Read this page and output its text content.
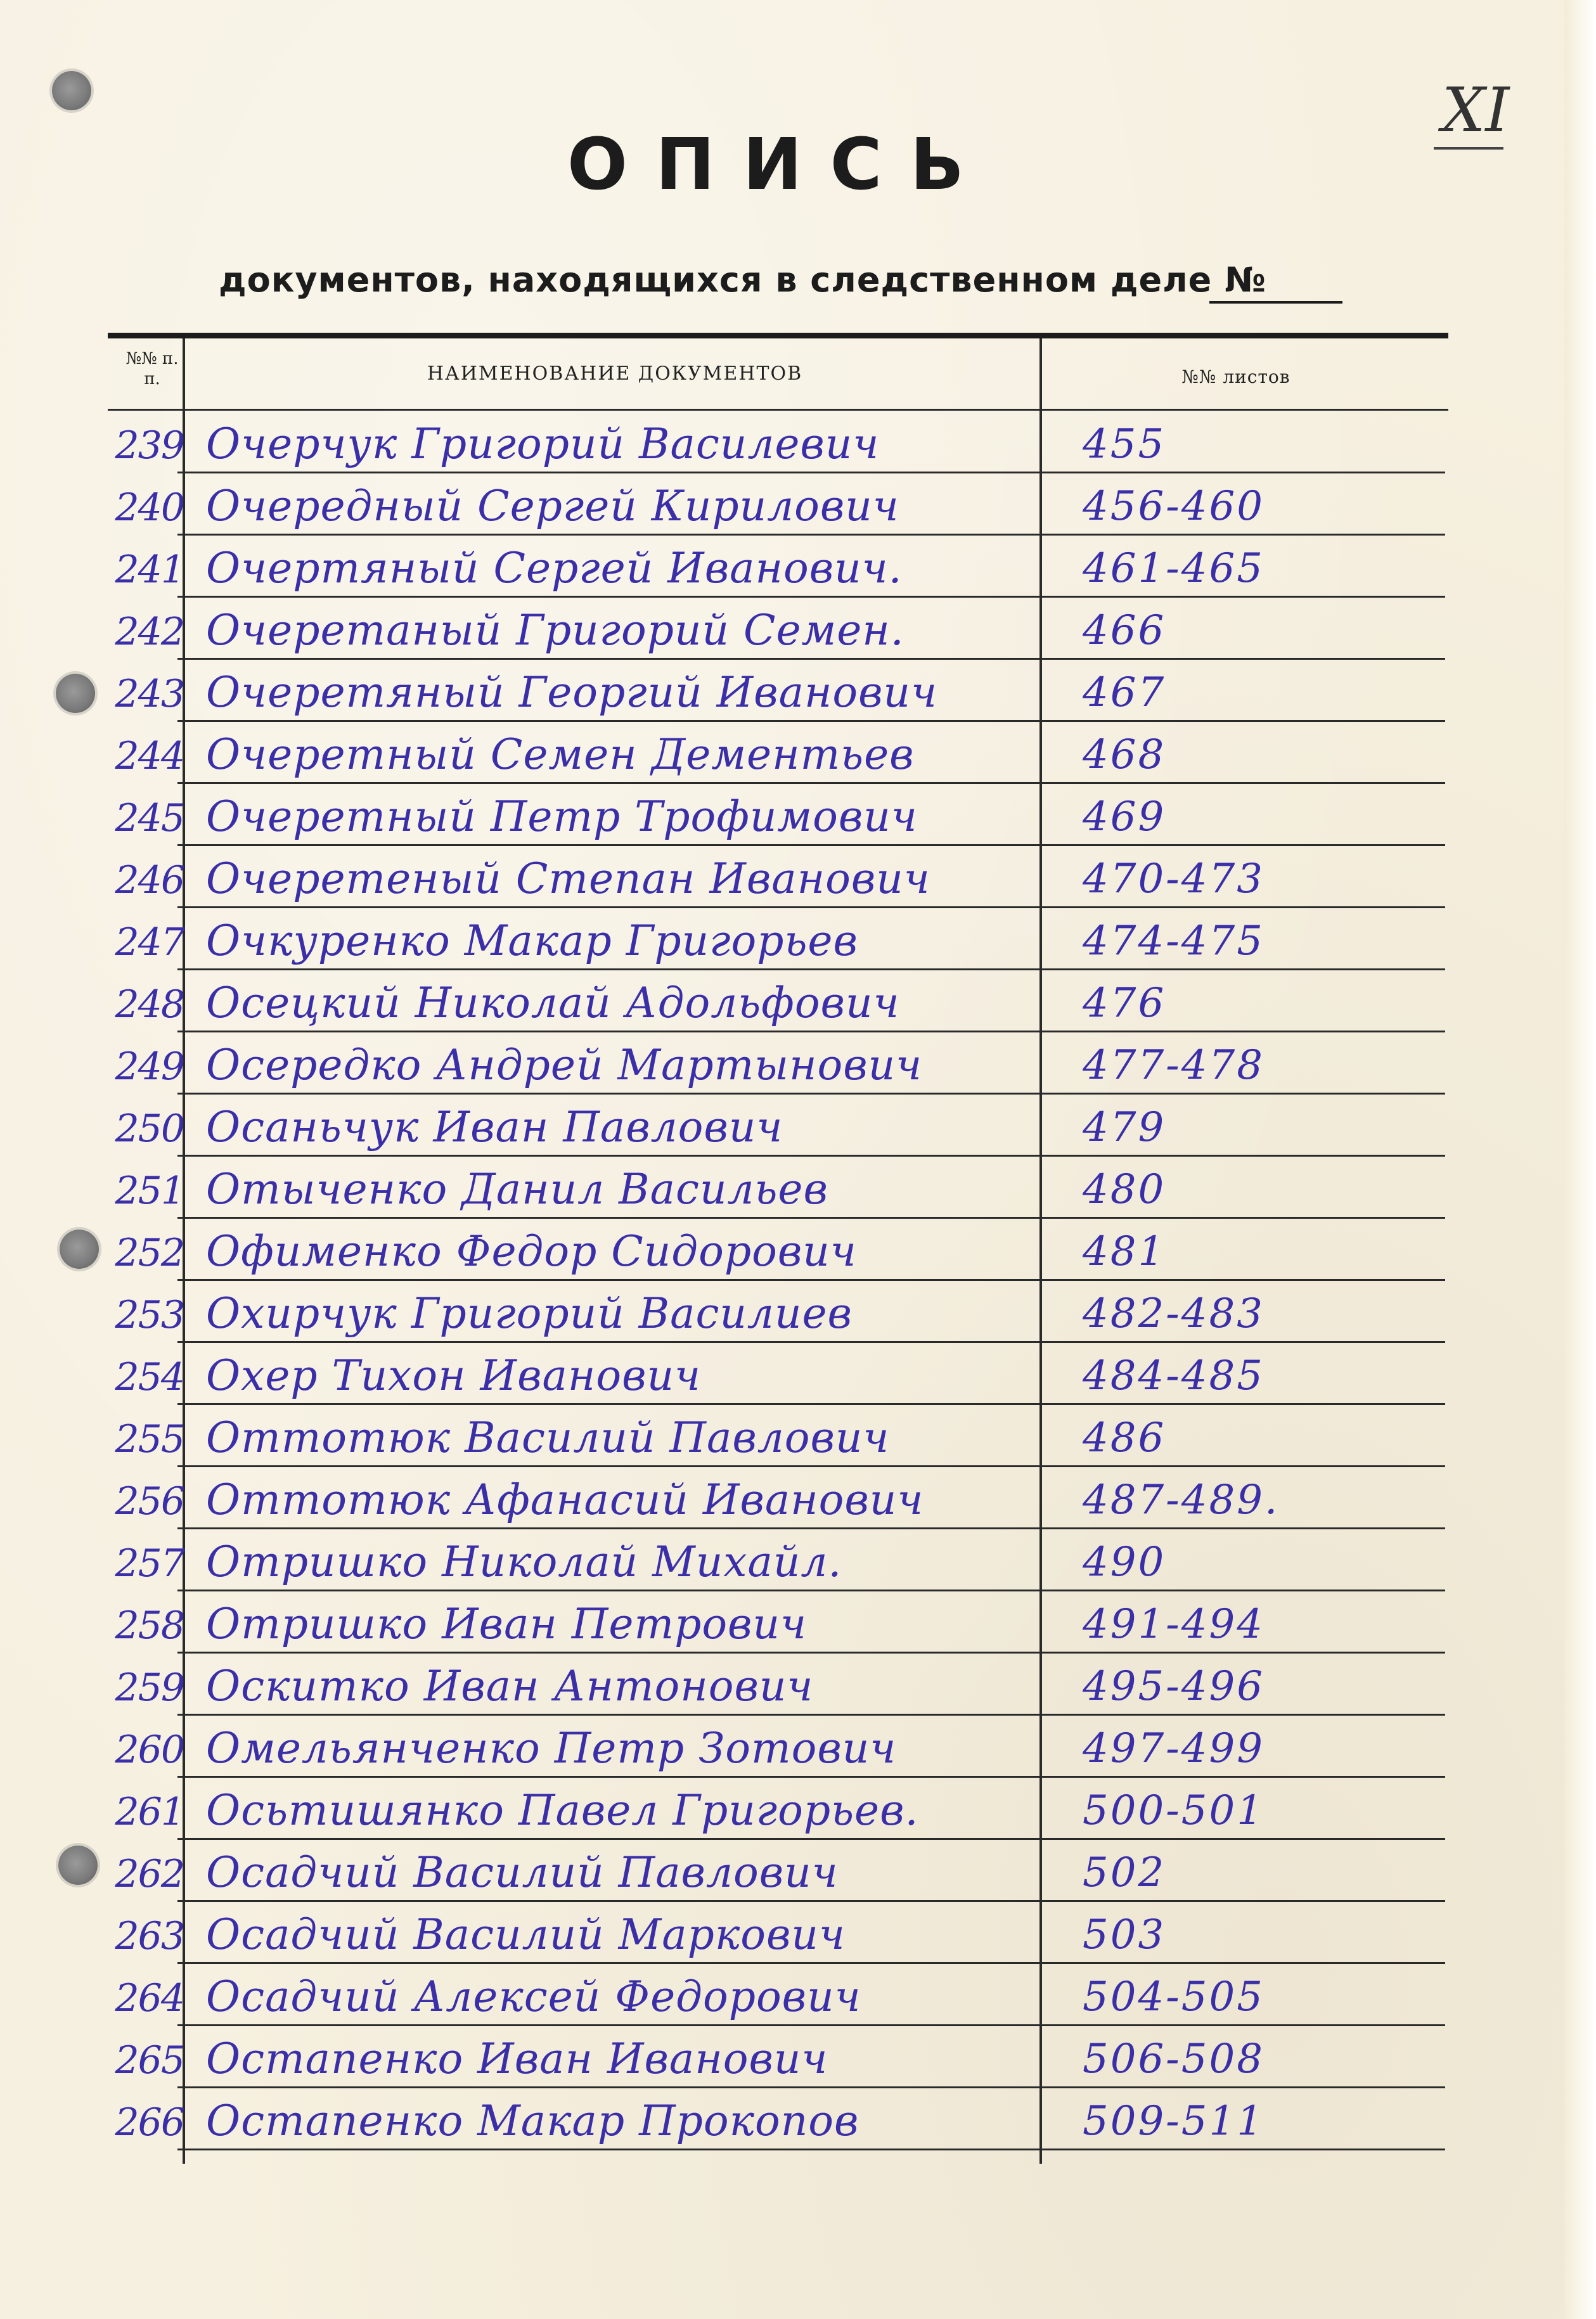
XI
ОПИСЬ
документов, находящихся в следственном деле №
№№ п. п.	НАИМЕНОВАНИЕ ДОКУМЕНТОВ	№№ листов
239 Очерчук Григорий Василевич	455
240 Очередный Сергей Кирилович	456-460
241 Очертяный Сергей Иванович.	461-465
242 Очеретаный Григорий Семен.	466
243 Очеретяный Георгий Иванович	467
244 Очеретный Семен Дементьев	468
245 Очеретный Петр Трофимович	469
246 Очеретеный Степан Иванович	470-473
247 Очкуренко Макар Григорьев	474-475
248 Осецкий Николай Адольфович	476
249 Осередко Андрей Мартынович	477-478
250 Осаньчук Иван Павлович	479
251 Отыченко Данил Васильев	480
252 Офименко Федор Сидорович	481
253 Охирчук Григорий Василиев	482-483
254 Охер Тихон Иванович	484-485
255 Оттотюк Василий Павлович	486
256 Оттотюк Афанасий Иванович	487-489.
257 Отришко Николай Михайл.	490
258 Отришко Иван Петрович	491-494
259 Оскитко Иван Антонович	495-496
260 Омельянченко Петр Зотович	497-499
261 Осьтишянко Павел Григорьев.	500-501
262 Осадчий Василий Павлович	502
263 Осадчий Василий Маркович	503
264 Осадчий Алексей Федорович	504-505
265 Остапенко Иван Иванович	506-508
266 Остапенко Макар Прокопов	509-511
